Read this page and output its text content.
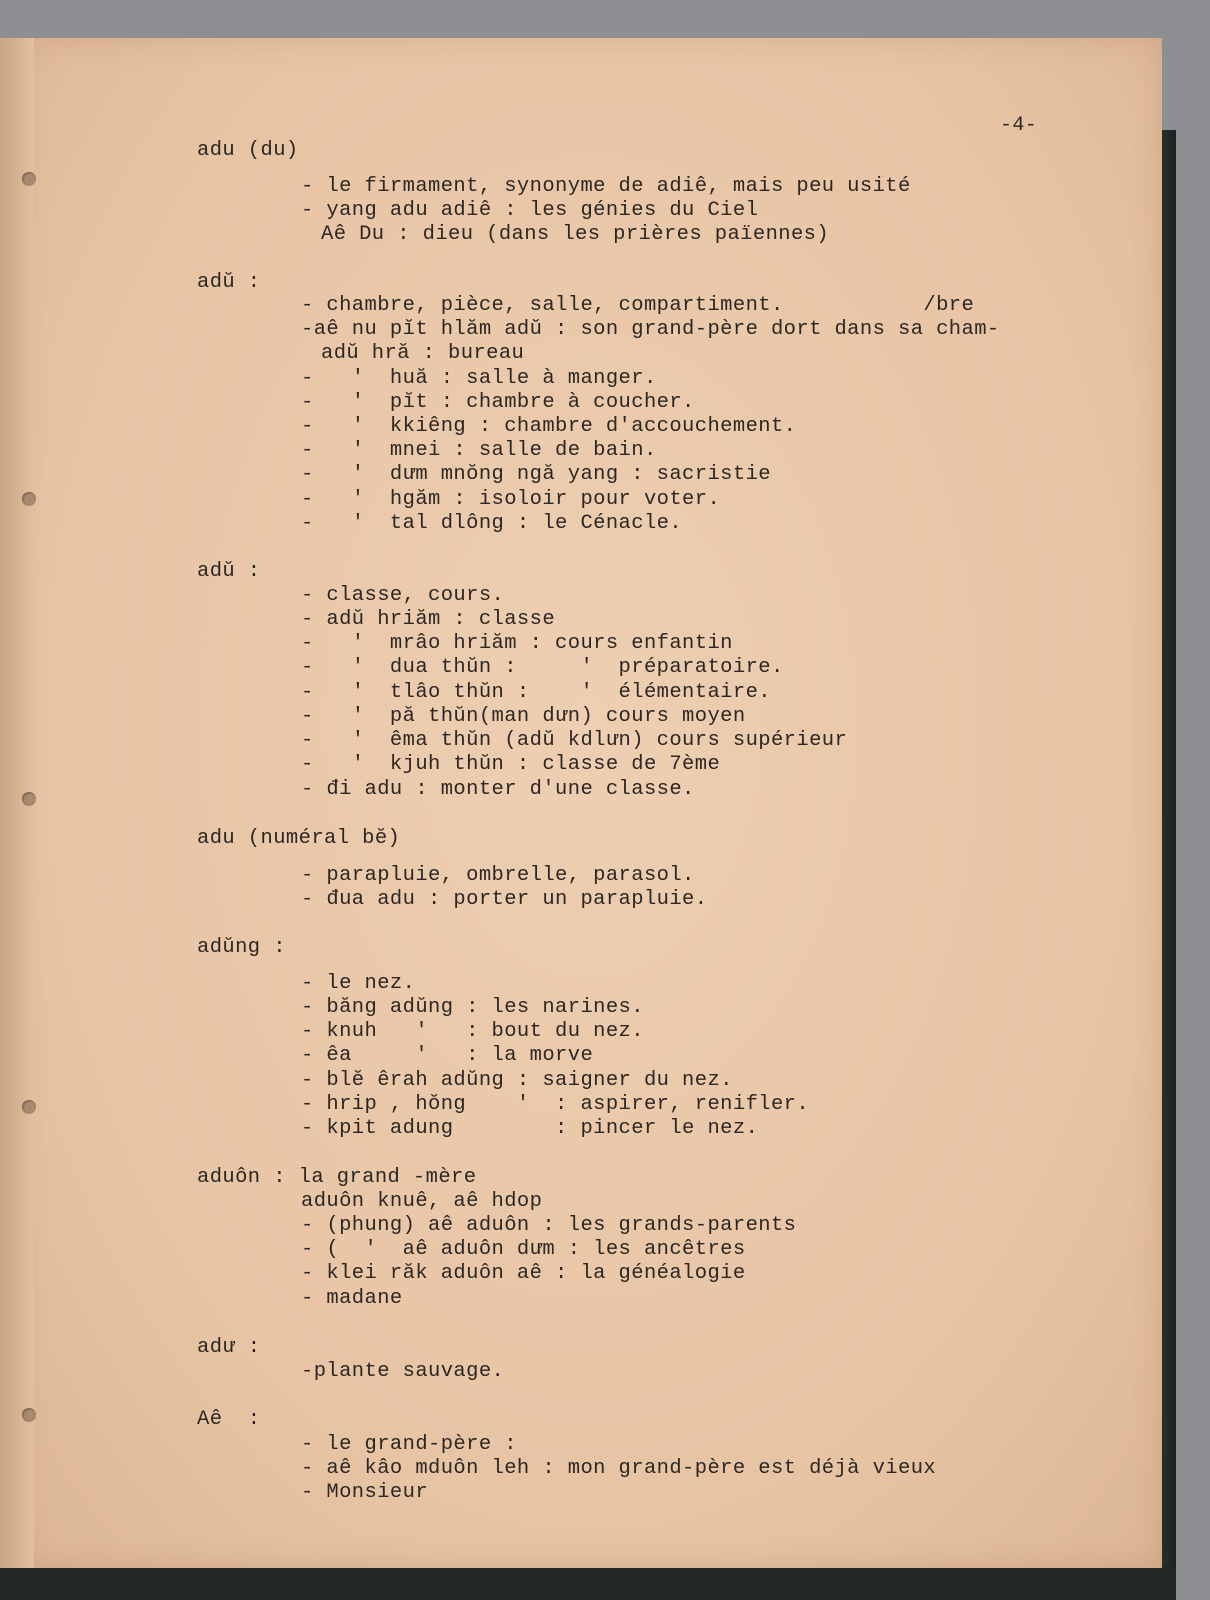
-4-
adu (du)
- le firmament, synonyme de adiê, mais peu usité
- yang adu adiê : les génies du Ciel
Aê Du : dieu (dans les prières païennes)
adŭ :
- chambre, pièce, salle, compartiment.           /bre
-aê nu pĭt hlăm adŭ : son grand-père dort dans sa cham-
adŭ hră : bureau
-   '  huă : salle à manger.
-   '  pĭt : chambre à coucher.
-   '  kkiêng : chambre d'accouchement.
-   '  mnei : salle de bain.
-   '  dưm mnŏng ngă yang : sacristie
-   '  hgăm : isoloir pour voter.
-   '  tal dlông : le Cénacle.
adŭ :
- classe, cours.
- adŭ hriăm : classe
-   '  mrâo hriăm : cours enfantin
-   '  dua thŭn :     '  préparatoire.
-   '  tlâo thŭn :    '  élémentaire.
-   '  pă thŭn(man dưn) cours moyen
-   '  êma thŭn (adŭ kdlưn) cours supérieur
-   '  kjuh thŭn : classe de 7ème
- đi adu : monter d'une classe.
adu (numéral bĕ)
- parapluie, ombrelle, parasol.
- đua adu : porter un parapluie.
adŭng :
- le nez.
- băng adŭng : les narines.
- knuh   '   : bout du nez.
- êa     '   : la morve
- blĕ êrah adŭng : saigner du nez.
- hrip , hŏng    '  : aspirer, renifler.
- kpit adung        : pincer le nez.
aduôn : la grand -mère
aduôn knuê, aê hdop
- (phung) aê aduôn : les grands-parents
- (  '  aê aduôn dưm : les ancêtres
- klei răk aduôn aê : la généalogie
- madane
adư :
-plante sauvage.
Aê  :
- le grand-père :
- aê kâo mduôn leh : mon grand-père est déjà vieux
- Monsieur
